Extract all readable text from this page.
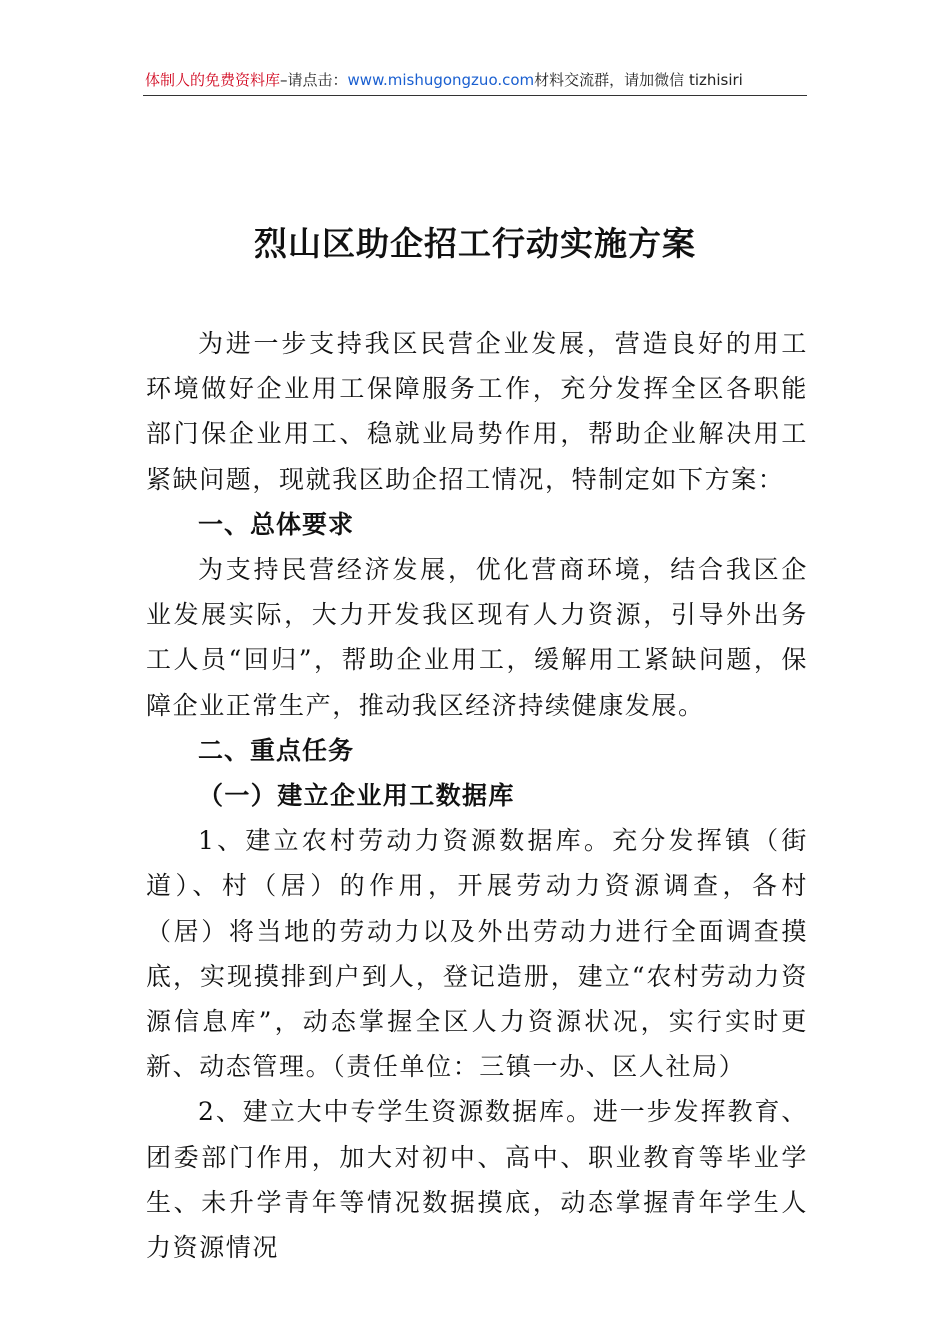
体制人的免费资料库–请点击：www.mishugongzuo.com材料交流群，请加微信 tizhisiri
烈山区助企招工行动实施方案

为进一步支持我区民营企业发展，营造良好的用工环境做好企业用工保障服务工作，充分发挥全区各职能部门保企业用工、稳就业局势作用，帮助企业解决用工紧缺问题，现就我区助企招工情况，特制定如下方案：

一、总体要求

为支持民营经济发展，优化营商环境，结合我区企业发展实际，大力开发我区现有人力资源，引导外出务工人员“回归”，帮助企业用工，缓解用工紧缺问题，保障企业正常生产，推动我区经济持续健康发展。

二、重点任务

（一）建立企业用工数据库

1、建立农村劳动力资源数据库。充分发挥镇（街道）、村（居）的作用，开展劳动力资源调查，各村（居）将当地的劳动力以及外出劳动力进行全面调查摸底，实现摸排到户到人，登记造册，建立“农村劳动力资源信息库”，动态掌握全区人力资源状况，实行实时更新、动态管理。（责任单位：三镇一办、区人社局）

2、建立大中专学生资源数据库。进一步发挥教育、团委部门作用，加大对初中、高中、职业教育等毕业学生、未升学青年等情况数据摸底，动态掌握青年学生人力资源情况
